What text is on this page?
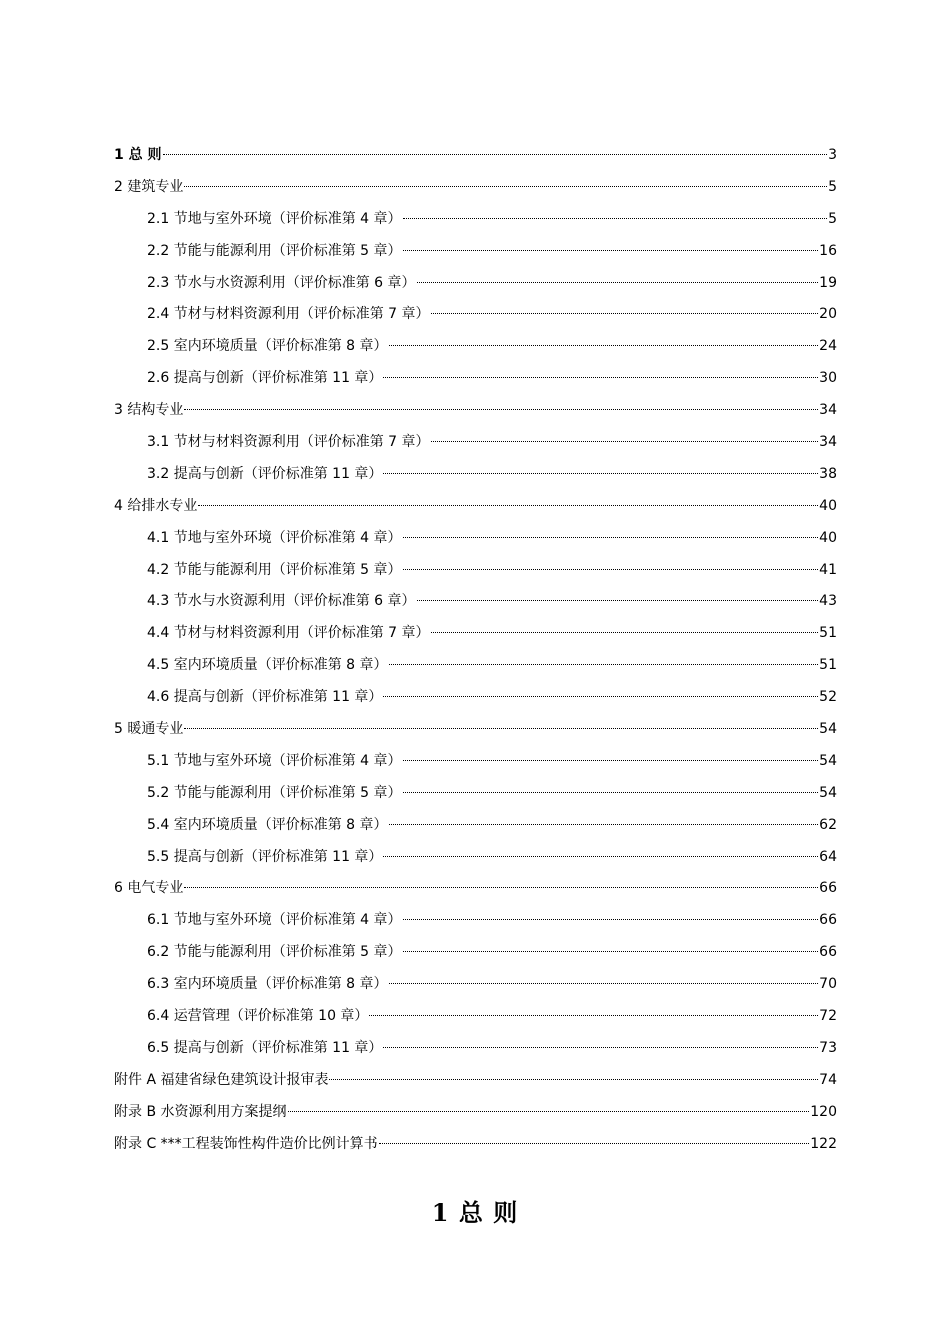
1 总 则	3
2 建筑专业	5
2.1 节地与室外环境（评价标准第 4 章）	5
2.2 节能与能源利用（评价标准第 5 章）	16
2.3 节水与水资源利用（评价标准第 6 章）	19
2.4 节材与材料资源利用（评价标准第 7 章）	20
2.5 室内环境质量（评价标准第 8 章）	24
2.6 提高与创新（评价标准第 11 章）	30
3 结构专业	34
3.1 节材与材料资源利用（评价标准第 7 章）	34
3.2 提高与创新（评价标准第 11 章）	38
4 给排水专业	40
4.1 节地与室外环境（评价标准第 4 章）	40
4.2 节能与能源利用（评价标准第 5 章）	41
4.3 节水与水资源利用（评价标准第 6 章）	43
4.4 节材与材料资源利用（评价标准第 7 章）	51
4.5 室内环境质量（评价标准第 8 章）	51
4.6 提高与创新（评价标准第 11 章）	52
5 暖通专业	54
5.1 节地与室外环境（评价标准第 4 章）	54
5.2 节能与能源利用（评价标准第 5 章）	54
5.4 室内环境质量（评价标准第 8 章）	62
5.5 提高与创新（评价标准第 11 章）	64
6 电气专业	66
6.1 节地与室外环境（评价标准第 4 章）	66
6.2 节能与能源利用（评价标准第 5 章）	66
6.3 室内环境质量（评价标准第 8 章）	70
6.4 运营管理（评价标准第 10 章）	72
6.5 提高与创新（评价标准第 11 章）	73
附件 A 福建省绿色建筑设计报审表	74
附录 B 水资源利用方案提纲	120
附录 C ***工程装饰性构件造价比例计算书	122
1 总 则
